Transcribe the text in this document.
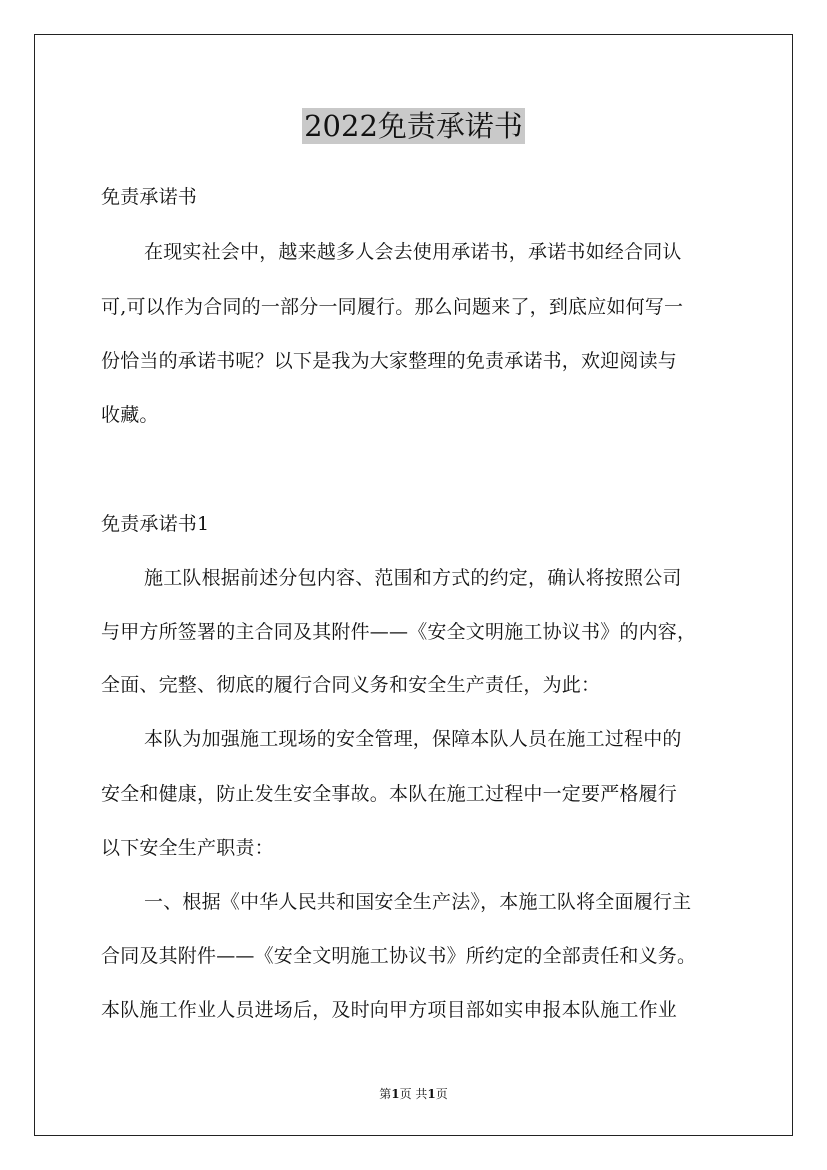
2022免责承诺书
免责承诺书
在现实社会中，越来越多人会去使用承诺书，承诺书如经合同认
可,可以作为合同的一部分一同履行。那么问题来了，到底应如何写一
份恰当的承诺书呢？以下是我为大家整理的免责承诺书，欢迎阅读与
收藏。
免责承诺书1
施工队根据前述分包内容、范围和方式的约定，确认将按照公司
与甲方所签署的主合同及其附件——《安全文明施工协议书》的内容，
全面、完整、彻底的履行合同义务和安全生产责任，为此：
本队为加强施工现场的安全管理，保障本队人员在施工过程中的
安全和健康，防止发生安全事故。本队在施工过程中一定要严格履行
以下安全生产职责：
一、根据《中华人民共和国安全生产法》，本施工队将全面履行主
合同及其附件——《安全文明施工协议书》所约定的全部责任和义务。
本队施工作业人员进场后，及时向甲方项目部如实申报本队施工作业
第1页 共1页
